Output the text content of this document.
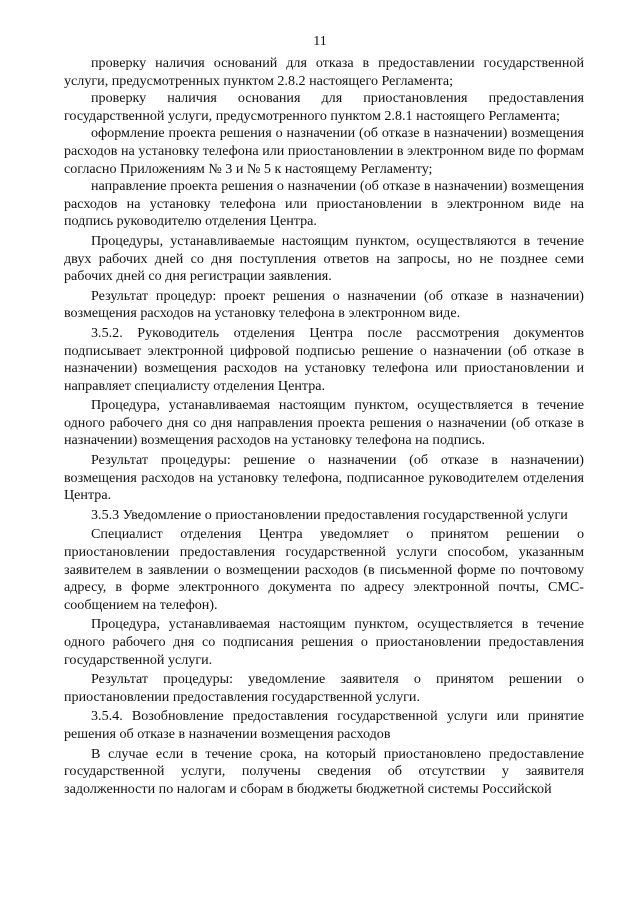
11

проверку наличия оснований для отказа в предоставлении государственной услуги, предусмотренных пунктом 2.8.2 настоящего Регламента;

проверку наличия основания для приостановления предоставления государственной услуги, предусмотренного пунктом 2.8.1 настоящего Регламента;

оформление проекта решения о назначении (об отказе в назначении) возмещения расходов на установку телефона или приостановлении в электронном виде по формам согласно Приложениям № 3 и № 5 к настоящему Регламенту;

направление проекта решения о назначении (об отказе в назначении) возмещения расходов на установку телефона или приостановлении в электронном виде на подпись руководителю отделения Центра.

Процедуры, устанавливаемые настоящим пунктом, осуществляются в течение двух рабочих дней со дня поступления ответов на запросы, но не позднее семи рабочих дней со дня регистрации заявления.

Результат процедур: проект решения о назначении (об отказе в назначении) возмещения расходов на установку телефона в электронном виде.

3.5.2. Руководитель отделения Центра после рассмотрения документов подписывает электронной цифровой подписью решение о назначении (об отказе в назначении) возмещения расходов на установку телефона или приостановлении и направляет специалисту отделения Центра.

Процедура, устанавливаемая настоящим пунктом, осуществляется в течение одного рабочего дня со дня направления проекта решения о назначении (об отказе в назначении) возмещения расходов на установку телефона на подпись.

Результат процедуры: решение о назначении (об отказе в назначении) возмещения расходов на установку телефона, подписанное руководителем отделения Центра.

3.5.3 Уведомление о приостановлении предоставления государственной услуги

Специалист отделения Центра уведомляет о принятом решении о приостановлении предоставления государственной услуги способом, указанным заявителем в заявлении о возмещении расходов (в письменной форме по почтовому адресу, в форме электронного документа по адресу электронной почты, СМС-сообщением на телефон).

Процедура, устанавливаемая настоящим пунктом, осуществляется в течение одного рабочего дня со подписания решения о приостановлении предоставления государственной услуги.

Результат процедуры: уведомление заявителя о принятом решении о приостановлении предоставления государственной услуги.

3.5.4. Возобновление предоставления государственной услуги или принятие решения об отказе в назначении возмещения расходов

В случае если в течение срока, на который приостановлено предоставление государственной услуги, получены сведения об отсутствии у заявителя задолженности по налогам и сборам в бюджеты бюджетной системы Российской
